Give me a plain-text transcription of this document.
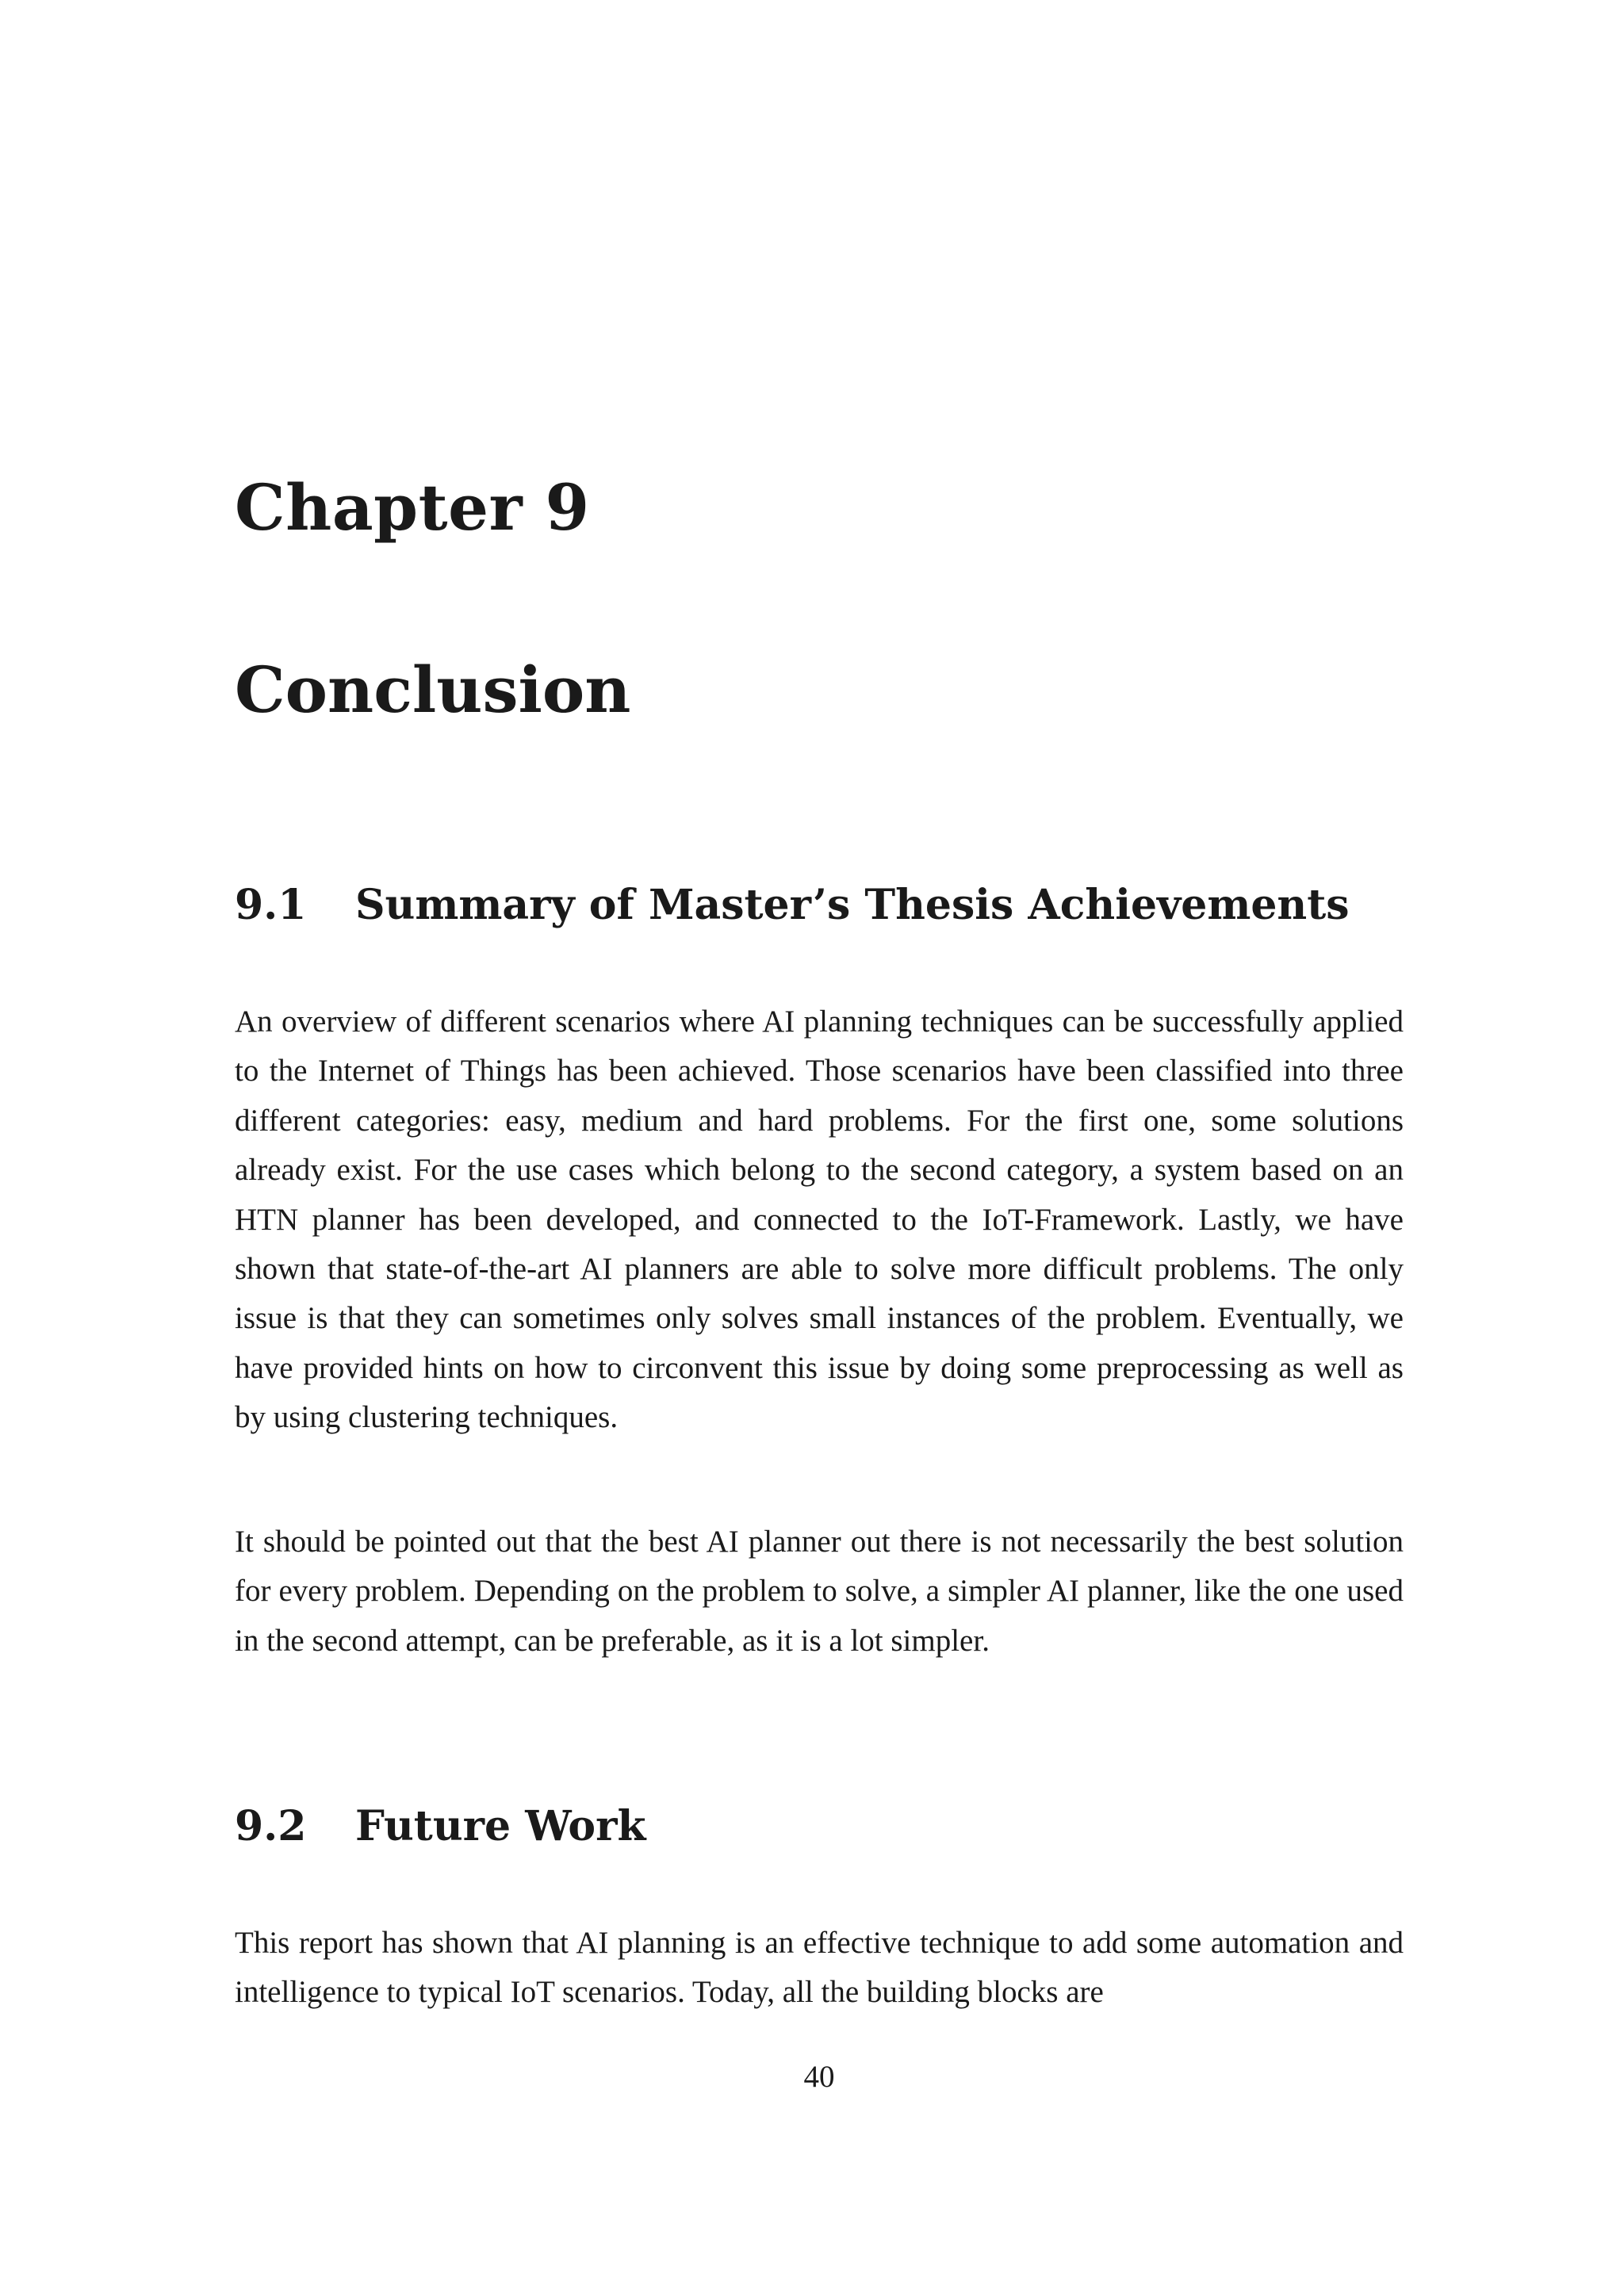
Chapter 9
Conclusion
9.1 Summary of Master’s Thesis Achievements

An overview of different scenarios where AI planning techniques can be successfully applied to the Internet of Things has been achieved. Those scenarios have been classified into three different categories: easy, medium and hard problems. For the first one, some solutions already exist. For the use cases which belong to the second category, a system based on an HTN planner has been developed, and connected to the IoT-Framework. Lastly, we have shown that state-of-the-art AI planners are able to solve more difficult problems. The only issue is that they can sometimes only solves small instances of the problem. Eventually, we have provided hints on how to circonvent this issue by doing some preprocessing as well as by using clustering techniques.

It should be pointed out that the best AI planner out there is not necessarily the best solution for every problem. Depending on the problem to solve, a simpler AI planner, like the one used in the second attempt, can be preferable, as it is a lot simpler.

9.2 Future Work

This report has shown that AI planning is an effective technique to add some automation and intelligence to typical IoT scenarios. Today, all the building blocks are

40
